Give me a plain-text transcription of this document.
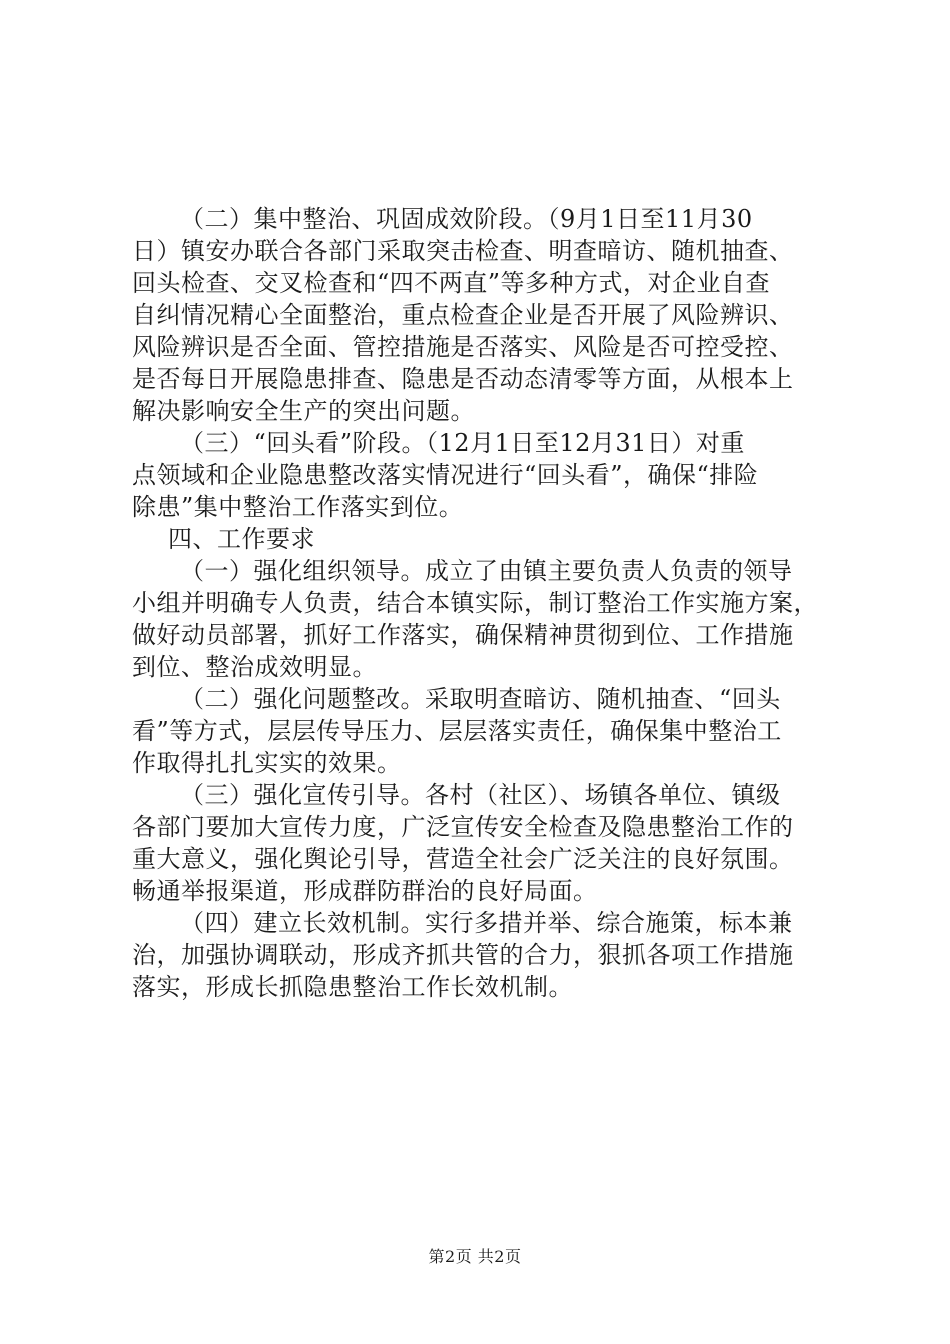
（二）集中整治、巩固成效阶段。（9月1日至11月30
日）镇安办联合各部门采取突击检查、明查暗访、随机抽查、
回头检查、交叉检查和“四不两直”等多种方式，对企业自查
自纠情况精心全面整治，重点检查企业是否开展了风险辨识、
风险辨识是否全面、管控措施是否落实、风险是否可控受控、
是否每日开展隐患排查、隐患是否动态清零等方面，从根本上
解决影响安全生产的突出问题。
（三）“回头看”阶段。（12月1日至12月31日）对重
点领域和企业隐患整改落实情况进行“回头看”，确保“排险
除患”集中整治工作落实到位。
四、工作要求
（一）强化组织领导。成立了由镇主要负责人负责的领导
小组并明确专人负责，结合本镇实际，制订整治工作实施方案，
做好动员部署，抓好工作落实，确保精神贯彻到位、工作措施
到位、整治成效明显。
（二）强化问题整改。采取明查暗访、随机抽查、“回头
看”等方式，层层传导压力、层层落实责任，确保集中整治工
作取得扎扎实实的效果。
（三）强化宣传引导。各村（社区）、场镇各单位、镇级
各部门要加大宣传力度，广泛宣传安全检查及隐患整治工作的
重大意义，强化舆论引导，营造全社会广泛关注的良好氛围。
畅通举报渠道，形成群防群治的良好局面。
（四）建立长效机制。实行多措并举、综合施策，标本兼
治，加强协调联动，形成齐抓共管的合力，狠抓各项工作措施
落实，形成长抓隐患整治工作长效机制。
第2页 共2页
